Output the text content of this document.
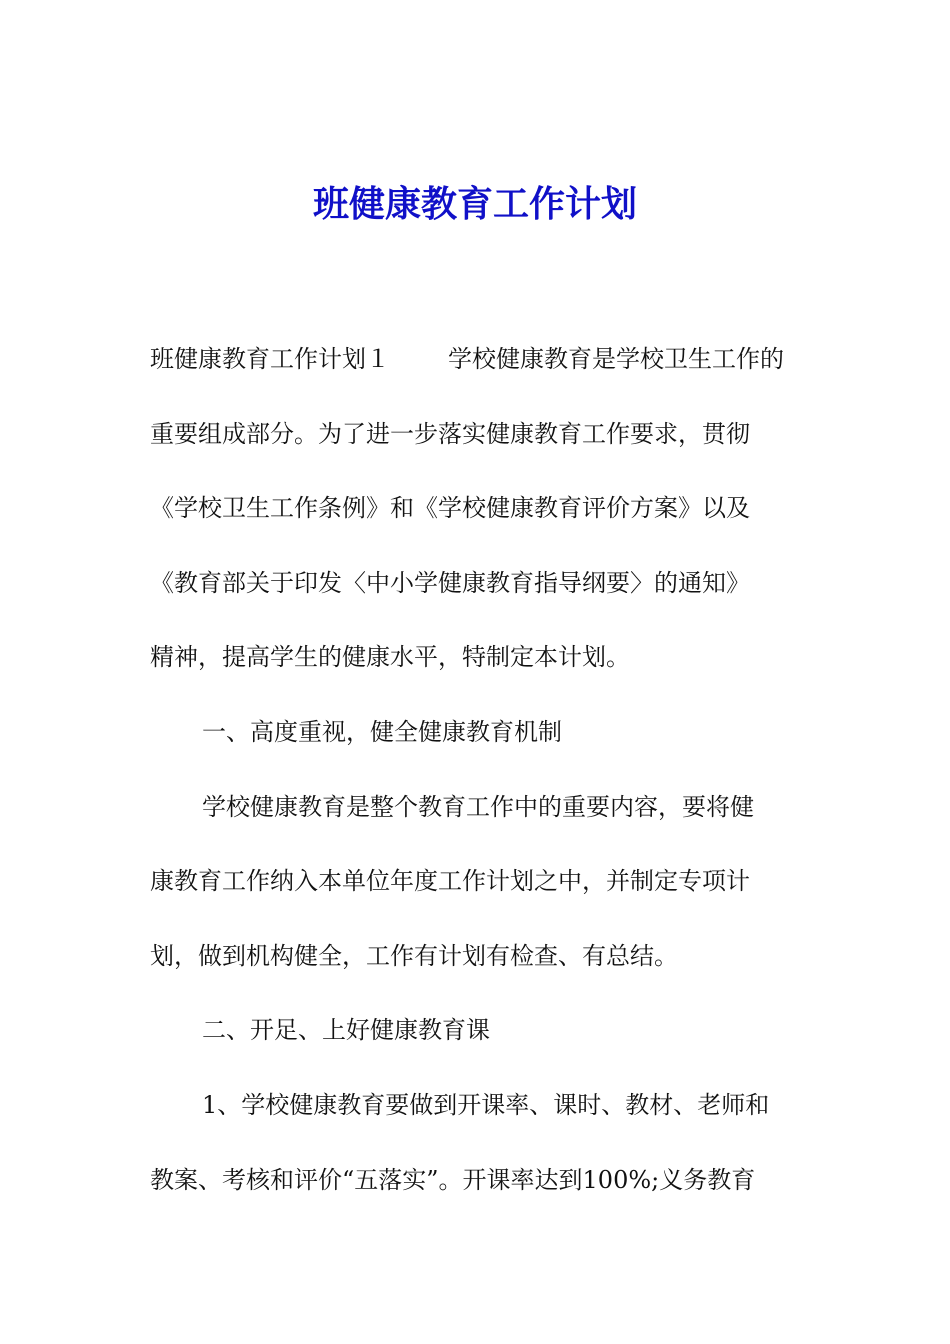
班健康教育工作计划
班健康教育工作计划１ 学校健康教育是学校卫生工作的
重要组成部分。为了进一步落实健康教育工作要求，贯彻
《学校卫生工作条例》和《学校健康教育评价方案》以及
《教育部关于印发〈中小学健康教育指导纲要〉的通知》
精神，提高学生的健康水平，特制定本计划。
一、高度重视，健全健康教育机制
学校健康教育是整个教育工作中的重要内容，要将健
康教育工作纳入本单位年度工作计划之中，并制定专项计
划，做到机构健全，工作有计划有检查、有总结。
二、开足、上好健康教育课
1、学校健康教育要做到开课率、课时、教材、老师和
教案、考核和评价“五落实”。开课率达到100%;义务教育
